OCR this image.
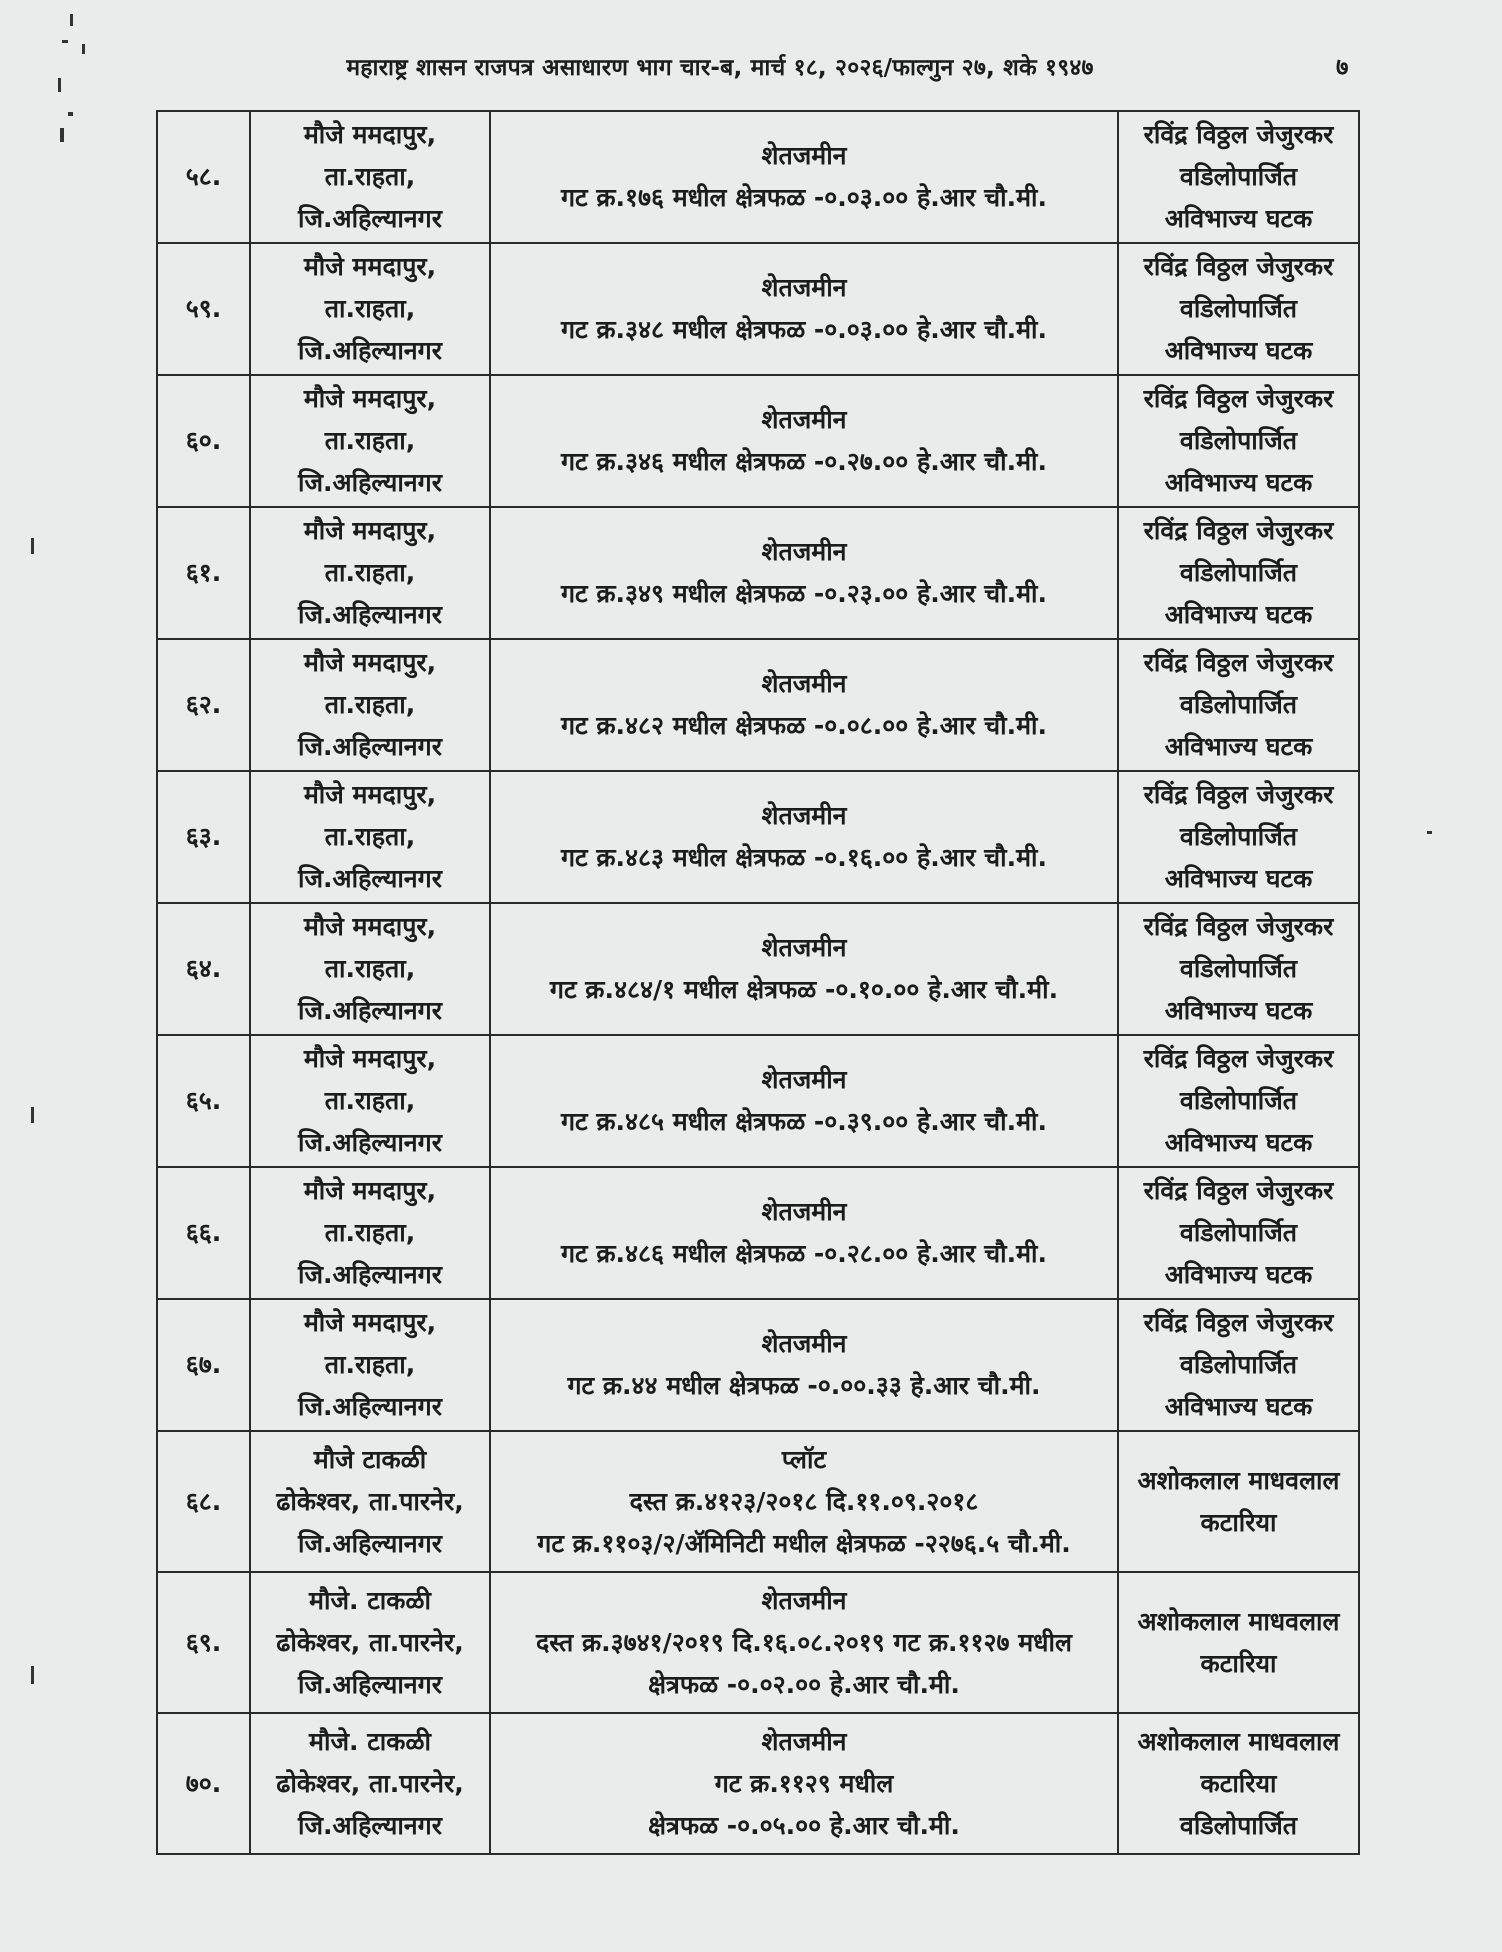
महाराष्ट्र शासन राजपत्र असाधारण भाग चार-ब, मार्च १८, २०२६/फाल्गुन २७, शके १९४७	७
५८.	मौजे ममदापुर,
ता.राहता,
जि.अहिल्यानगर	शेतजमीन
गट क्र.१७६ मधील क्षेत्रफळ -०.०३.०० हे.आर चौ.मी.	रविंद्र विठ्ठल जेजुरकर
वडिलोपार्जित
अविभाज्य घटक

५९.	मौजे ममदापुर,
ता.राहता,
जि.अहिल्यानगर	शेतजमीन
गट क्र.३४८ मधील क्षेत्रफळ -०.०३.०० हे.आर चौ.मी.	रविंद्र विठ्ठल जेजुरकर
वडिलोपार्जित
अविभाज्य घटक

६०.	मौजे ममदापुर,
ता.राहता,
जि.अहिल्यानगर	शेतजमीन
गट क्र.३४६ मधील क्षेत्रफळ -०.२७.०० हे.आर चौ.मी.	रविंद्र विठ्ठल जेजुरकर
वडिलोपार्जित
अविभाज्य घटक

६१.	मौजे ममदापुर,
ता.राहता,
जि.अहिल्यानगर	शेतजमीन
गट क्र.३४९ मधील क्षेत्रफळ -०.२३.०० हे.आर चौ.मी.	रविंद्र विठ्ठल जेजुरकर
वडिलोपार्जित
अविभाज्य घटक

६२.	मौजे ममदापुर,
ता.राहता,
जि.अहिल्यानगर	शेतजमीन
गट क्र.४८२ मधील क्षेत्रफळ -०.०८.०० हे.आर चौ.मी.	रविंद्र विठ्ठल जेजुरकर
वडिलोपार्जित
अविभाज्य घटक

६३.	मौजे ममदापुर,
ता.राहता,
जि.अहिल्यानगर	शेतजमीन
गट क्र.४८३ मधील क्षेत्रफळ -०.१६.०० हे.आर चौ.मी.	रविंद्र विठ्ठल जेजुरकर
वडिलोपार्जित
अविभाज्य घटक

६४.	मौजे ममदापुर,
ता.राहता,
जि.अहिल्यानगर	शेतजमीन
गट क्र.४८४/१ मधील क्षेत्रफळ -०.१०.०० हे.आर चौ.मी.	रविंद्र विठ्ठल जेजुरकर
वडिलोपार्जित
अविभाज्य घटक

६५.	मौजे ममदापुर,
ता.राहता,
जि.अहिल्यानगर	शेतजमीन
गट क्र.४८५ मधील क्षेत्रफळ -०.३९.०० हे.आर चौ.मी.	रविंद्र विठ्ठल जेजुरकर
वडिलोपार्जित
अविभाज्य घटक

६६.	मौजे ममदापुर,
ता.राहता,
जि.अहिल्यानगर	शेतजमीन
गट क्र.४८६ मधील क्षेत्रफळ -०.२८.०० हे.आर चौ.मी.	रविंद्र विठ्ठल जेजुरकर
वडिलोपार्जित
अविभाज्य घटक

६७.	मौजे ममदापुर,
ता.राहता,
जि.अहिल्यानगर	शेतजमीन
गट क्र.४४ मधील क्षेत्रफळ -०.००.३३ हे.आर चौ.मी.	रविंद्र विठ्ठल जेजुरकर
वडिलोपार्जित
अविभाज्य घटक

६८.	मौजे टाकळी
ढोकेश्वर, ता.पारनेर,
जि.अहिल्यानगर	प्लॉट
दस्त क्र.४१२३/२०१८ दि.११.०९.२०१८
गट क्र.११०३/२/ॲमिनिटी मधील क्षेत्रफळ -२२७६.५ चौ.मी.	अशोकलाल माधवलाल
कटारिया

६९.	मौजे. टाकळी
ढोकेश्वर, ता.पारनेर,
जि.अहिल्यानगर	शेतजमीन
दस्त क्र.३७४१/२०१९ दि.१६.०८.२०१९ गट क्र.११२७ मधील
क्षेत्रफळ -०.०२.०० हे.आर चौ.मी.	अशोकलाल माधवलाल
कटारिया

७०.	मौजे. टाकळी
ढोकेश्वर, ता.पारनेर,
जि.अहिल्यानगर	शेतजमीन
गट क्र.११२९ मधील
क्षेत्रफळ -०.०५.०० हे.आर चौ.मी.	अशोकलाल माधवलाल
कटारिया
वडिलोपार्जित
